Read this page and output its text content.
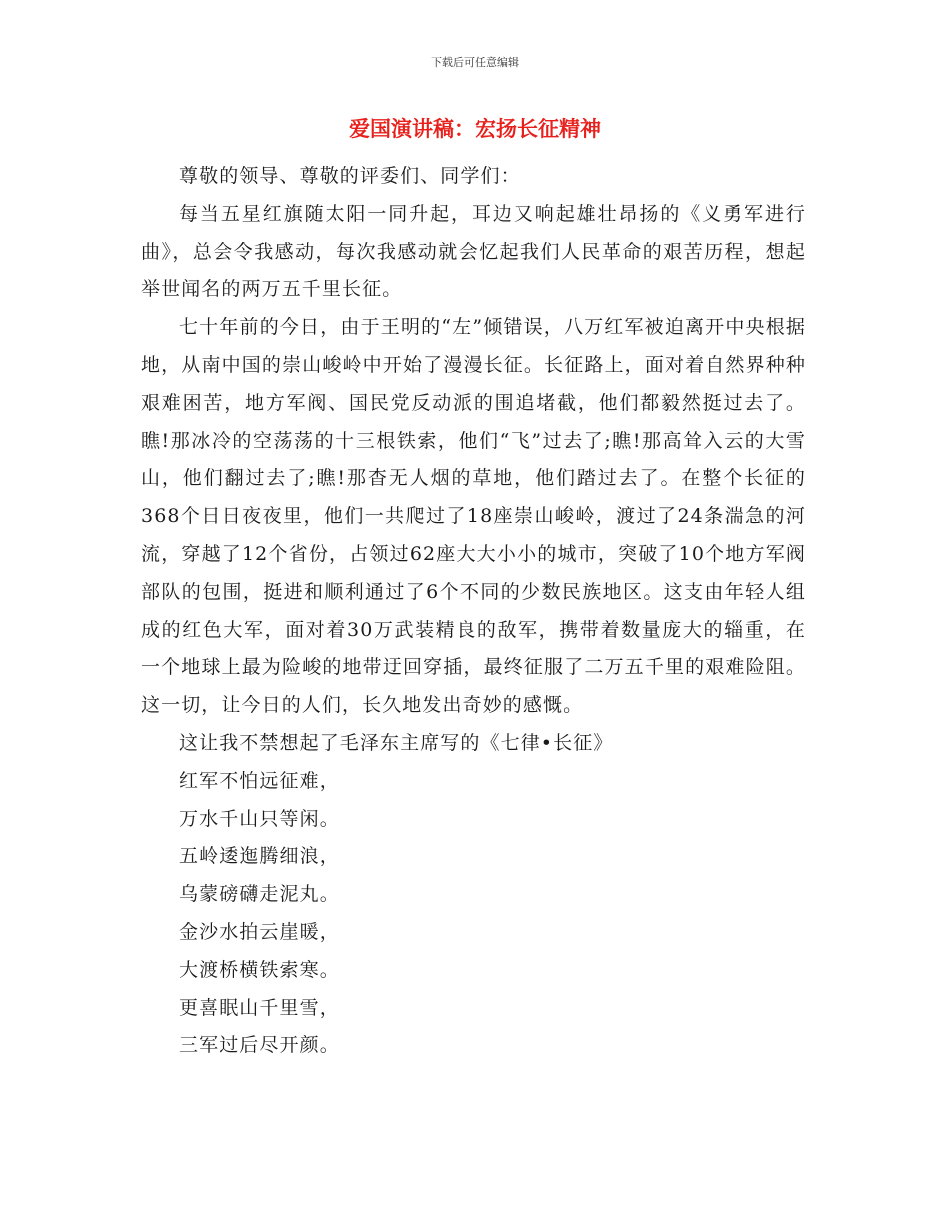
下载后可任意编辑
爱国演讲稿：宏扬长征精神

尊敬的领导、尊敬的评委们、同学们：

每当五星红旗随太阳一同升起，耳边又响起雄壮昂扬的《义勇军进行曲》，总会令我感动，每次我感动就会忆起我们人民革命的艰苦历程，想起举世闻名的两万五千里长征。

七十年前的今日，由于王明的“左”倾错误，八万红军被迫离开中央根据地，从南中国的崇山峻岭中开始了漫漫长征。长征路上，面对着自然界种种艰难困苦，地方军阀、国民党反动派的围追堵截，他们都毅然挺过去了。瞧!那冰冷的空荡荡的十三根铁索，他们“飞”过去了;瞧!那高耸入云的大雪山，他们翻过去了;瞧!那杳无人烟的草地，他们踏过去了。在整个长征的368个日日夜夜里，他们一共爬过了18座崇山峻岭，渡过了24条湍急的河流，穿越了12个省份，占领过62座大大小小的城市，突破了10个地方军阀部队的包围，挺进和顺利通过了6个不同的少数民族地区。这支由年轻人组成的红色大军，面对着30万武装精良的敌军，携带着数量庞大的辎重，在一个地球上最为险峻的地带迂回穿插，最终征服了二万五千里的艰难险阻。这一切，让今日的人们，长久地发出奇妙的感慨。

这让我不禁想起了毛泽东主席写的《七律•长征》

红军不怕远征难，

万水千山只等闲。

五岭逶迤腾细浪，

乌蒙磅礴走泥丸。

金沙水拍云崖暖，

大渡桥横铁索寒。

更喜眠山千里雪，

三军过后尽开颜。
